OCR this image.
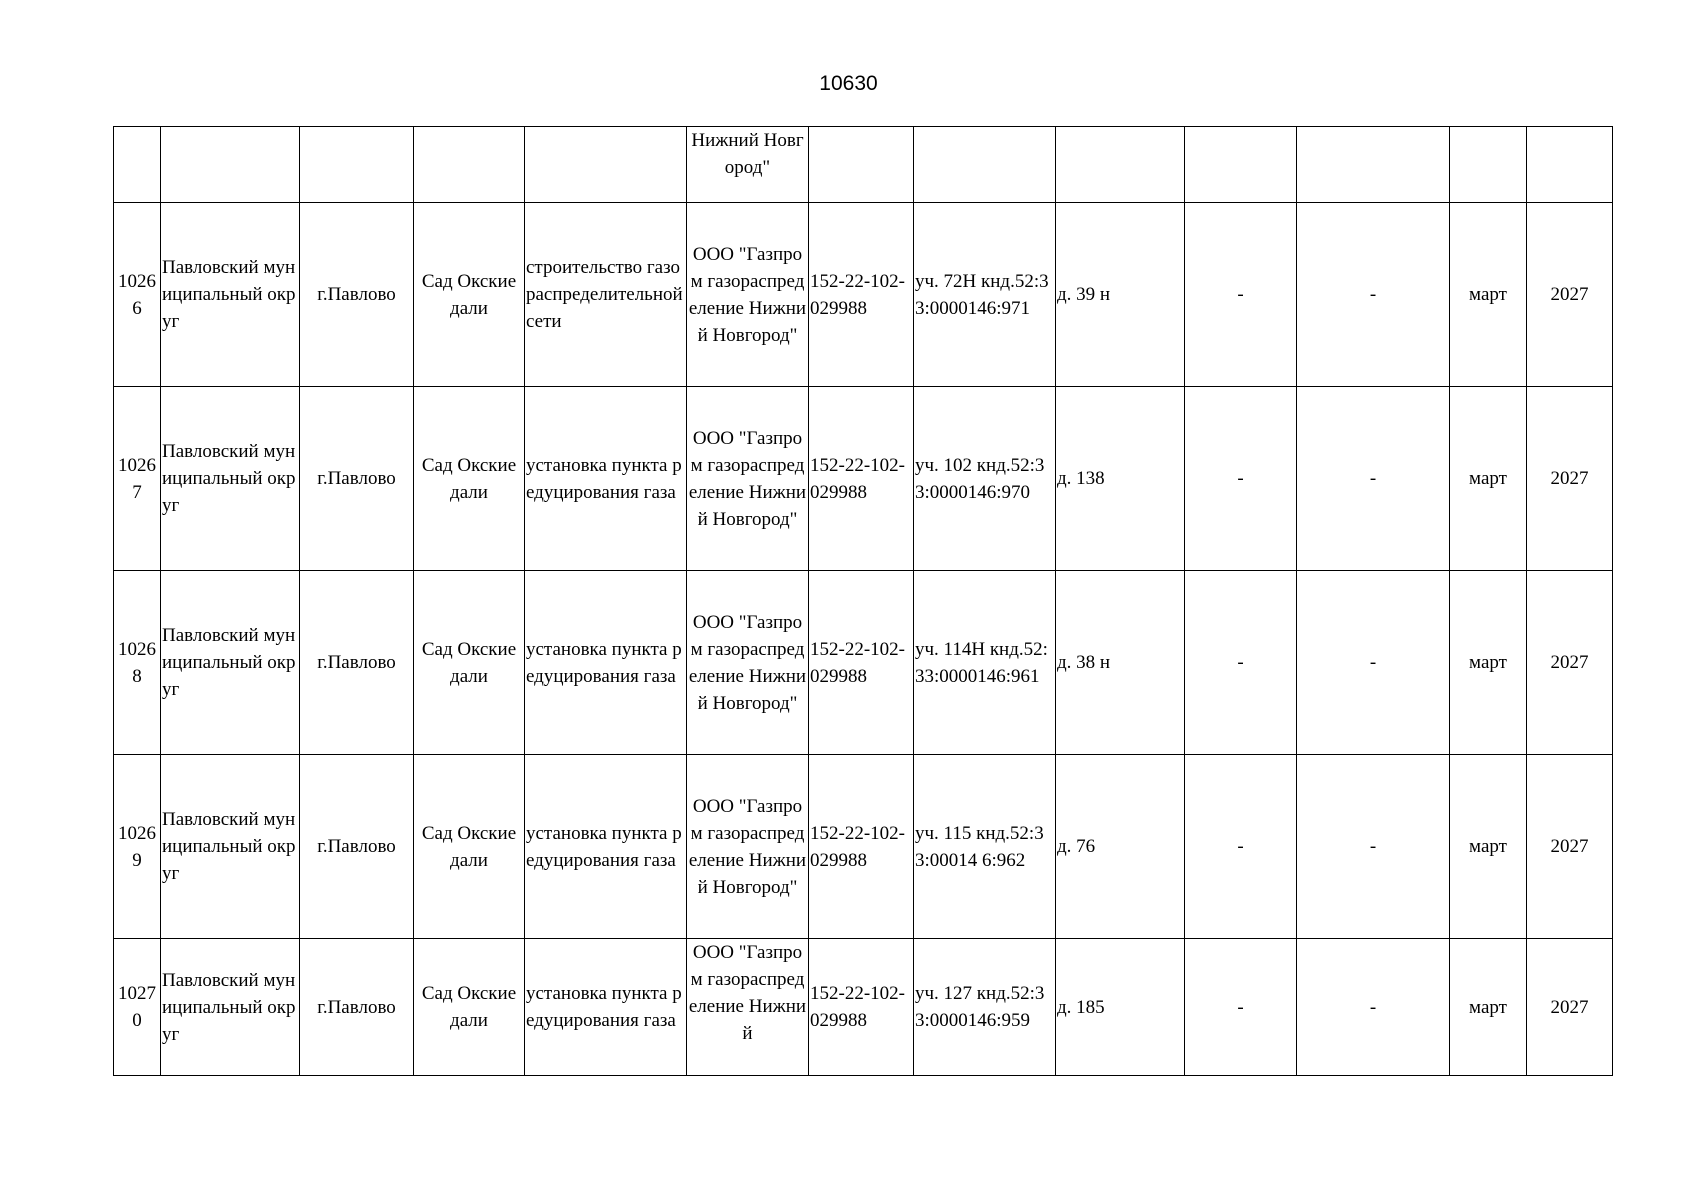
10630
					Нижний Новгород"							
10266	Павловский муниципальный округ	г.Павлово	Сад Окские дали	строительство газораспределительной сети	ООО "Газпром газораспределение Нижний Новгород"	152-22-102-029988	уч. 72Н кнд.52:33:0000146:971	д. 39 н	-	-	март	2027
10267	Павловский муниципальный округ	г.Павлово	Сад Окские дали	установка пункта редуцирования газа	ООО "Газпром газораспределение Нижний Новгород"	152-22-102-029988	уч. 102 кнд.52:33:0000146:970	д. 138	-	-	март	2027
10268	Павловский муниципальный округ	г.Павлово	Сад Окские дали	установка пункта редуцирования газа	ООО "Газпром газораспределение Нижний Новгород"	152-22-102-029988	уч. 114Н кнд.52:33:0000146:961	д. 38 н	-	-	март	2027
10269	Павловский муниципальный округ	г.Павлово	Сад Окские дали	установка пункта редуцирования газа	ООО "Газпром газораспределение Нижний Новгород"	152-22-102-029988	уч. 115 кнд.52:33:00014 6:962	д. 76	-	-	март	2027
10270	Павловский муниципальный округ	г.Павлово	Сад Окские дали	установка пункта редуцирования газа	ООО "Газпром газораспределение Нижний	152-22-102-029988	уч. 127 кнд.52:33:0000146:959	д. 185	-	-	март	2027
